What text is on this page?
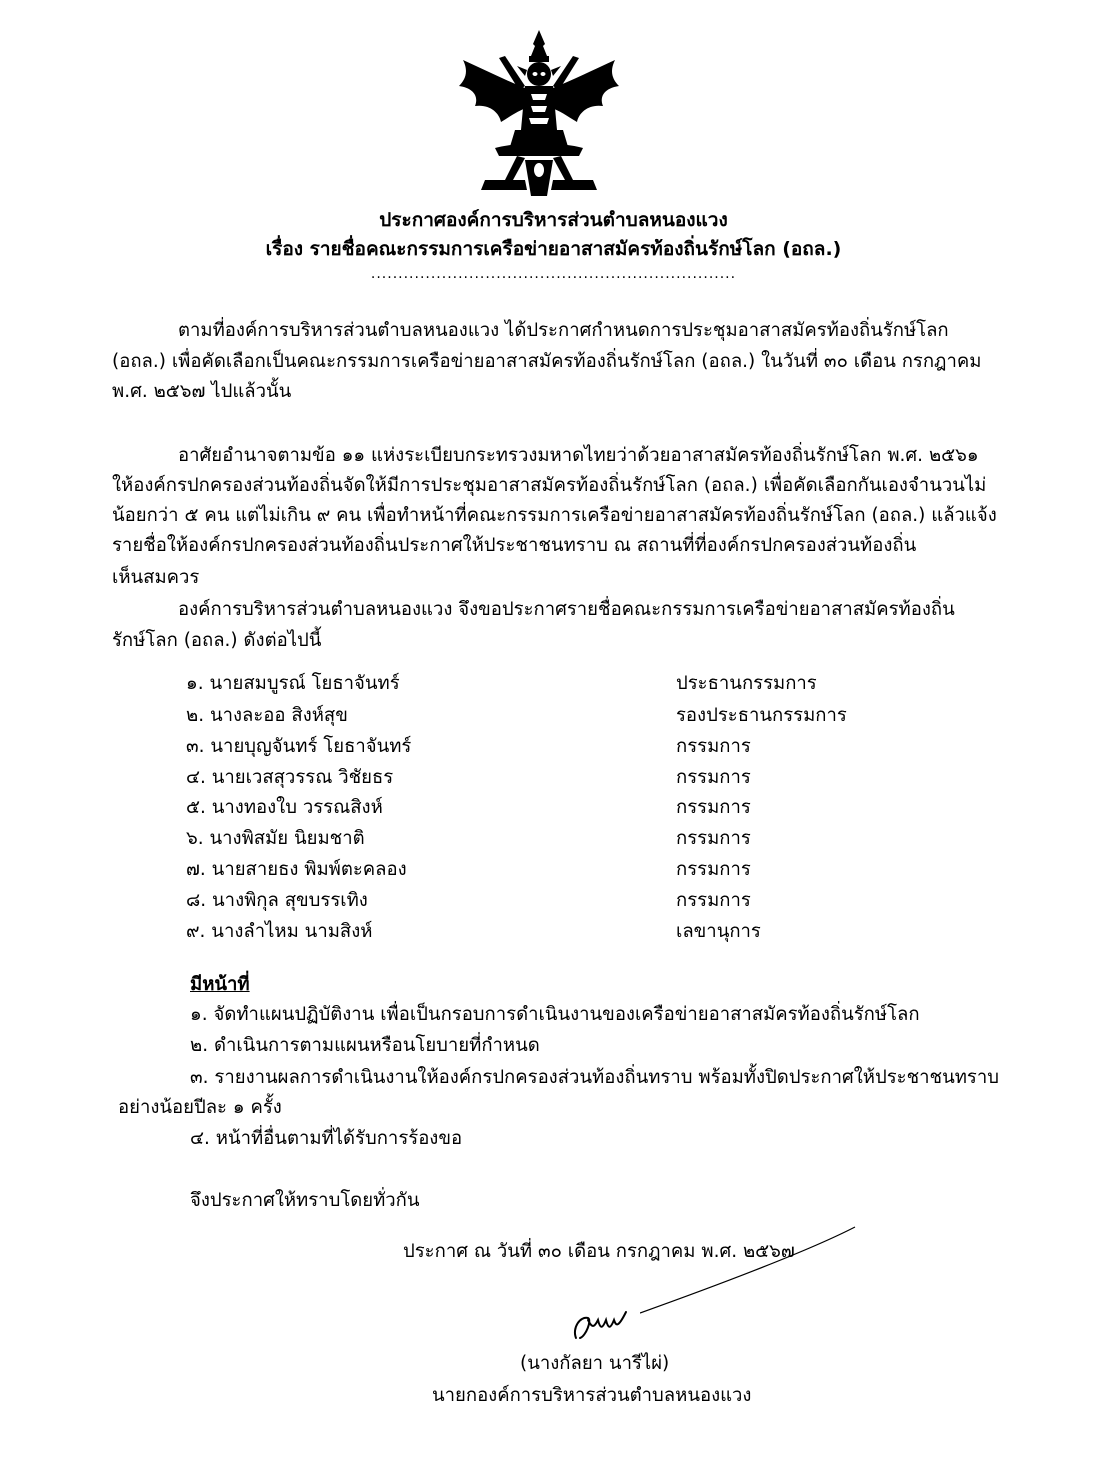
ประกาศองค์การบริหารส่วนตำบลหนองแวง
เรื่อง รายชื่อคณะกรรมการเครือข่ายอาสาสมัครท้องถิ่นรักษ์โลก (อถล.)
...................................................................
ตามที่องค์การบริหารส่วนตำบลหนองแวง ได้ประกาศกำหนดการประชุมอาสาสมัครท้องถิ่นรักษ์โลก
(อถล.) เพื่อคัดเลือกเป็นคณะกรรมการเครือข่ายอาสาสมัครท้องถิ่นรักษ์โลก (อถล.) ในวันที่ ๓๐ เดือน กรกฎาคม
พ.ศ. ๒๕๖๗ ไปแล้วนั้น
อาศัยอำนาจตามข้อ ๑๑ แห่งระเบียบกระทรวงมหาดไทยว่าด้วยอาสาสมัครท้องถิ่นรักษ์โลก พ.ศ. ๒๕๖๑
ให้องค์กรปกครองส่วนท้องถิ่นจัดให้มีการประชุมอาสาสมัครท้องถิ่นรักษ์โลก (อถล.) เพื่อคัดเลือกกันเองจำนวนไม่
น้อยกว่า ๕ คน แต่ไม่เกิน ๙ คน เพื่อทำหน้าที่คณะกรรมการเครือข่ายอาสาสมัครท้องถิ่นรักษ์โลก (อถล.) แล้วแจ้ง
รายชื่อให้องค์กรปกครองส่วนท้องถิ่นประกาศให้ประชาชนทราบ ณ สถานที่ที่องค์กรปกครองส่วนท้องถิ่น
เห็นสมควร
องค์การบริหารส่วนตำบลหนองแวง จึงขอประกาศรายชื่อคณะกรรมการเครือข่ายอาสาสมัครท้องถิ่น
รักษ์โลก (อถล.) ดังต่อไปนี้
๑. นายสมบูรณ์ โยธาจันทร์	ประธานกรรมการ
๒. นางละออ สิงห์สุข	รองประธานกรรมการ
๓. นายบุญจันทร์ โยธาจันทร์	กรรมการ
๔. นายเวสสุวรรณ วิชัยธร	กรรมการ
๕. นางทองใบ วรรณสิงห์	กรรมการ
๖. นางพิสมัย นิยมชาติ	กรรมการ
๗. นายสายธง พิมพ์ตะคลอง	กรรมการ
๘. นางพิกุล สุขบรรเทิง	กรรมการ
๙. นางลำไหม นามสิงห์	เลขานุการ
มีหน้าที่
๑. จัดทำแผนปฏิบัติงาน เพื่อเป็นกรอบการดำเนินงานของเครือข่ายอาสาสมัครท้องถิ่นรักษ์โลก
๒. ดำเนินการตามแผนหรือนโยบายที่กำหนด
๓. รายงานผลการดำเนินงานให้องค์กรปกครองส่วนท้องถิ่นทราบ พร้อมทั้งปิดประกาศให้ประชาชนทราบ
อย่างน้อยปีละ ๑ ครั้ง
๔. หน้าที่อื่นตามที่ได้รับการร้องขอ
จึงประกาศให้ทราบโดยทั่วกัน
ประกาศ ณ วันที่ ๓๐ เดือน กรกฎาคม พ.ศ. ๒๕๖๗
(นางกัลยา นารีไผ่)
นายกองค์การบริหารส่วนตำบลหนองแวง
